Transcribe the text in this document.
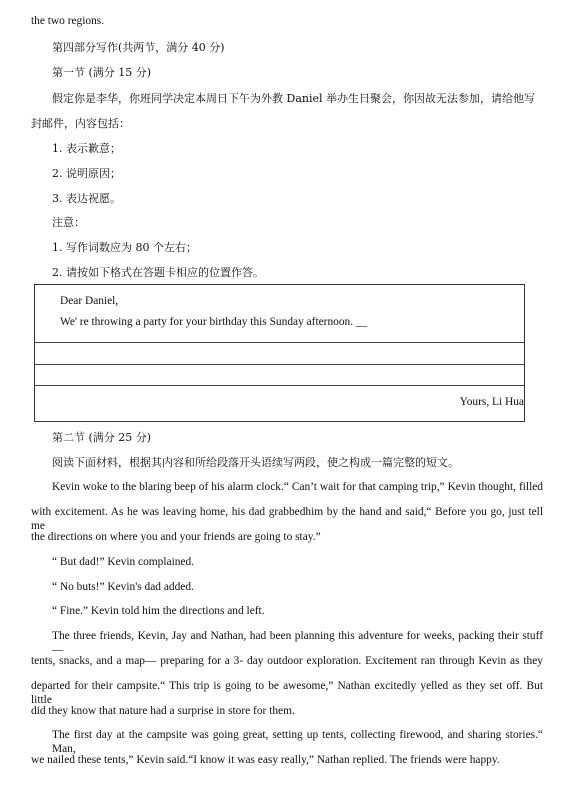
the two regions.
第四部分写作(共两节，满分 40 分)
第一节 (满分 15 分)
假定你是李华，你班同学决定本周日下午为外教 Daniel 举办生日聚会，你因故无法参加，请给他写
封邮件，内容包括：
1. 表示歉意；
2. 说明原因；
3. 表达祝愿。
注意：
1. 写作词数应为 80 个左右；
2. 请按如下格式在答题卡相应的位置作答。
Dear Daniel,
We' re throwing a party for your birthday this Sunday afternoon. __
Yours, Li Hua
第二节 (满分 25 分)
阅读下面材料，根据其内容和所给段落开头语续写两段，使之构成一篇完整的短文。
Kevin woke to the blaring beep of his alarm clock.“ Can’t wait for that camping trip,” Kevin thought, filled
with excitement. As he was leaving home, his dad grabbedhim by the hand and said,“ Before you go, just tell me
the directions on where you and your friends are going to stay.”
“ But dad!” Kevin complained.
“ No buts!” Kevin's dad added.
“ Fine.” Kevin told him the directions and left.
The three friends, Kevin, Jay and Nathan, had been planning this adventure for weeks, packing their stuff—
tents, snacks, and a map— preparing for a 3- day outdoor exploration. Excitement ran through Kevin as they
departed for their campsite.“ This trip is going to be awesome,” Nathan excitedly yelled as they set off. But little
did they know that nature had a surprise in store for them.
The first day at the campsite was going great, setting up tents, collecting firewood, and sharing stories.“ Man,
we nailed these tents,” Kevin said.“I know it was easy really,” Nathan replied. The friends were happy.
